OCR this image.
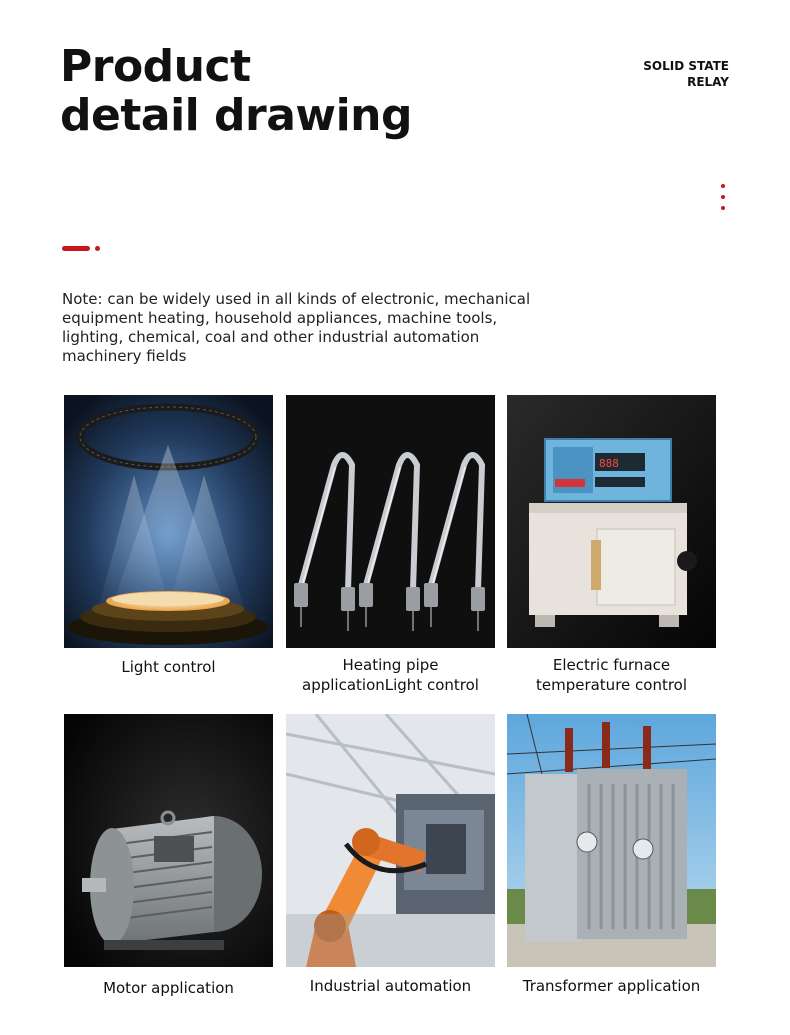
Product
detail drawing
SOLID STATE
RELAY

Note: can be widely used in all kinds of electronic, mechanical equipment heating, household appliances, machine tools, lighting, chemical, coal and other industrial automation machinery fields

Light control	Heating pipe
applicationLight control
888
Electric furnace
temperature control
Motor application	Industrial automation	Transformer application
